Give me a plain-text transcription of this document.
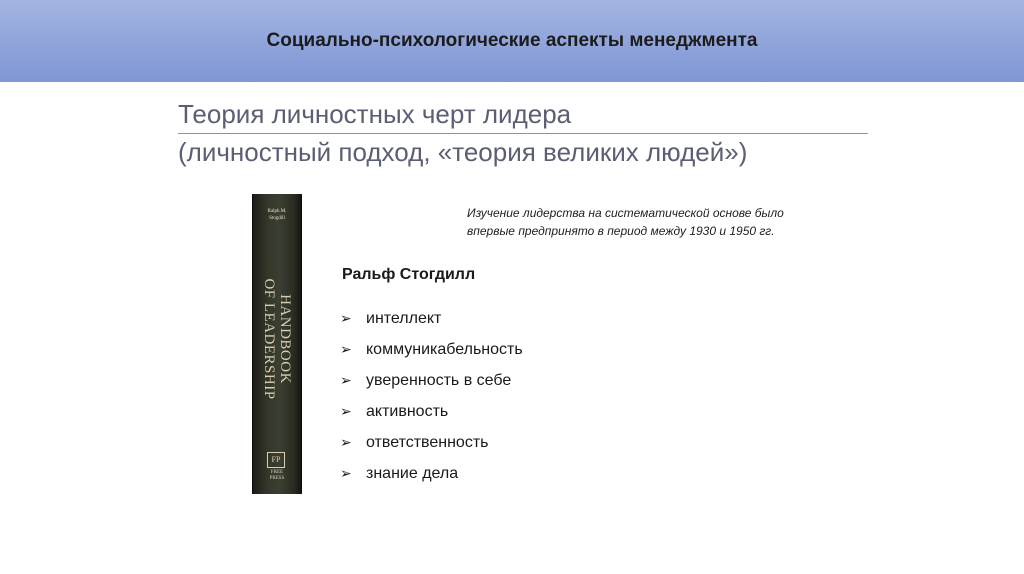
Социально-психологические аспекты менеджмента
Теория личностных черт лидера
(личностный подход, «теория великих людей»)
Ralph M.
Stogdill
HANDBOOK
OF LEADERSHIP
FP
FREE
PRESS
Изучение лидерства на систематической основе было
впервые предпринято в период между 1930 и 1950 гг.
Ральф Стогдилл
➢ интеллект
➢ коммуникабельность
➢ уверенность в себе
➢ активность
➢ ответственность
➢ знание дела
